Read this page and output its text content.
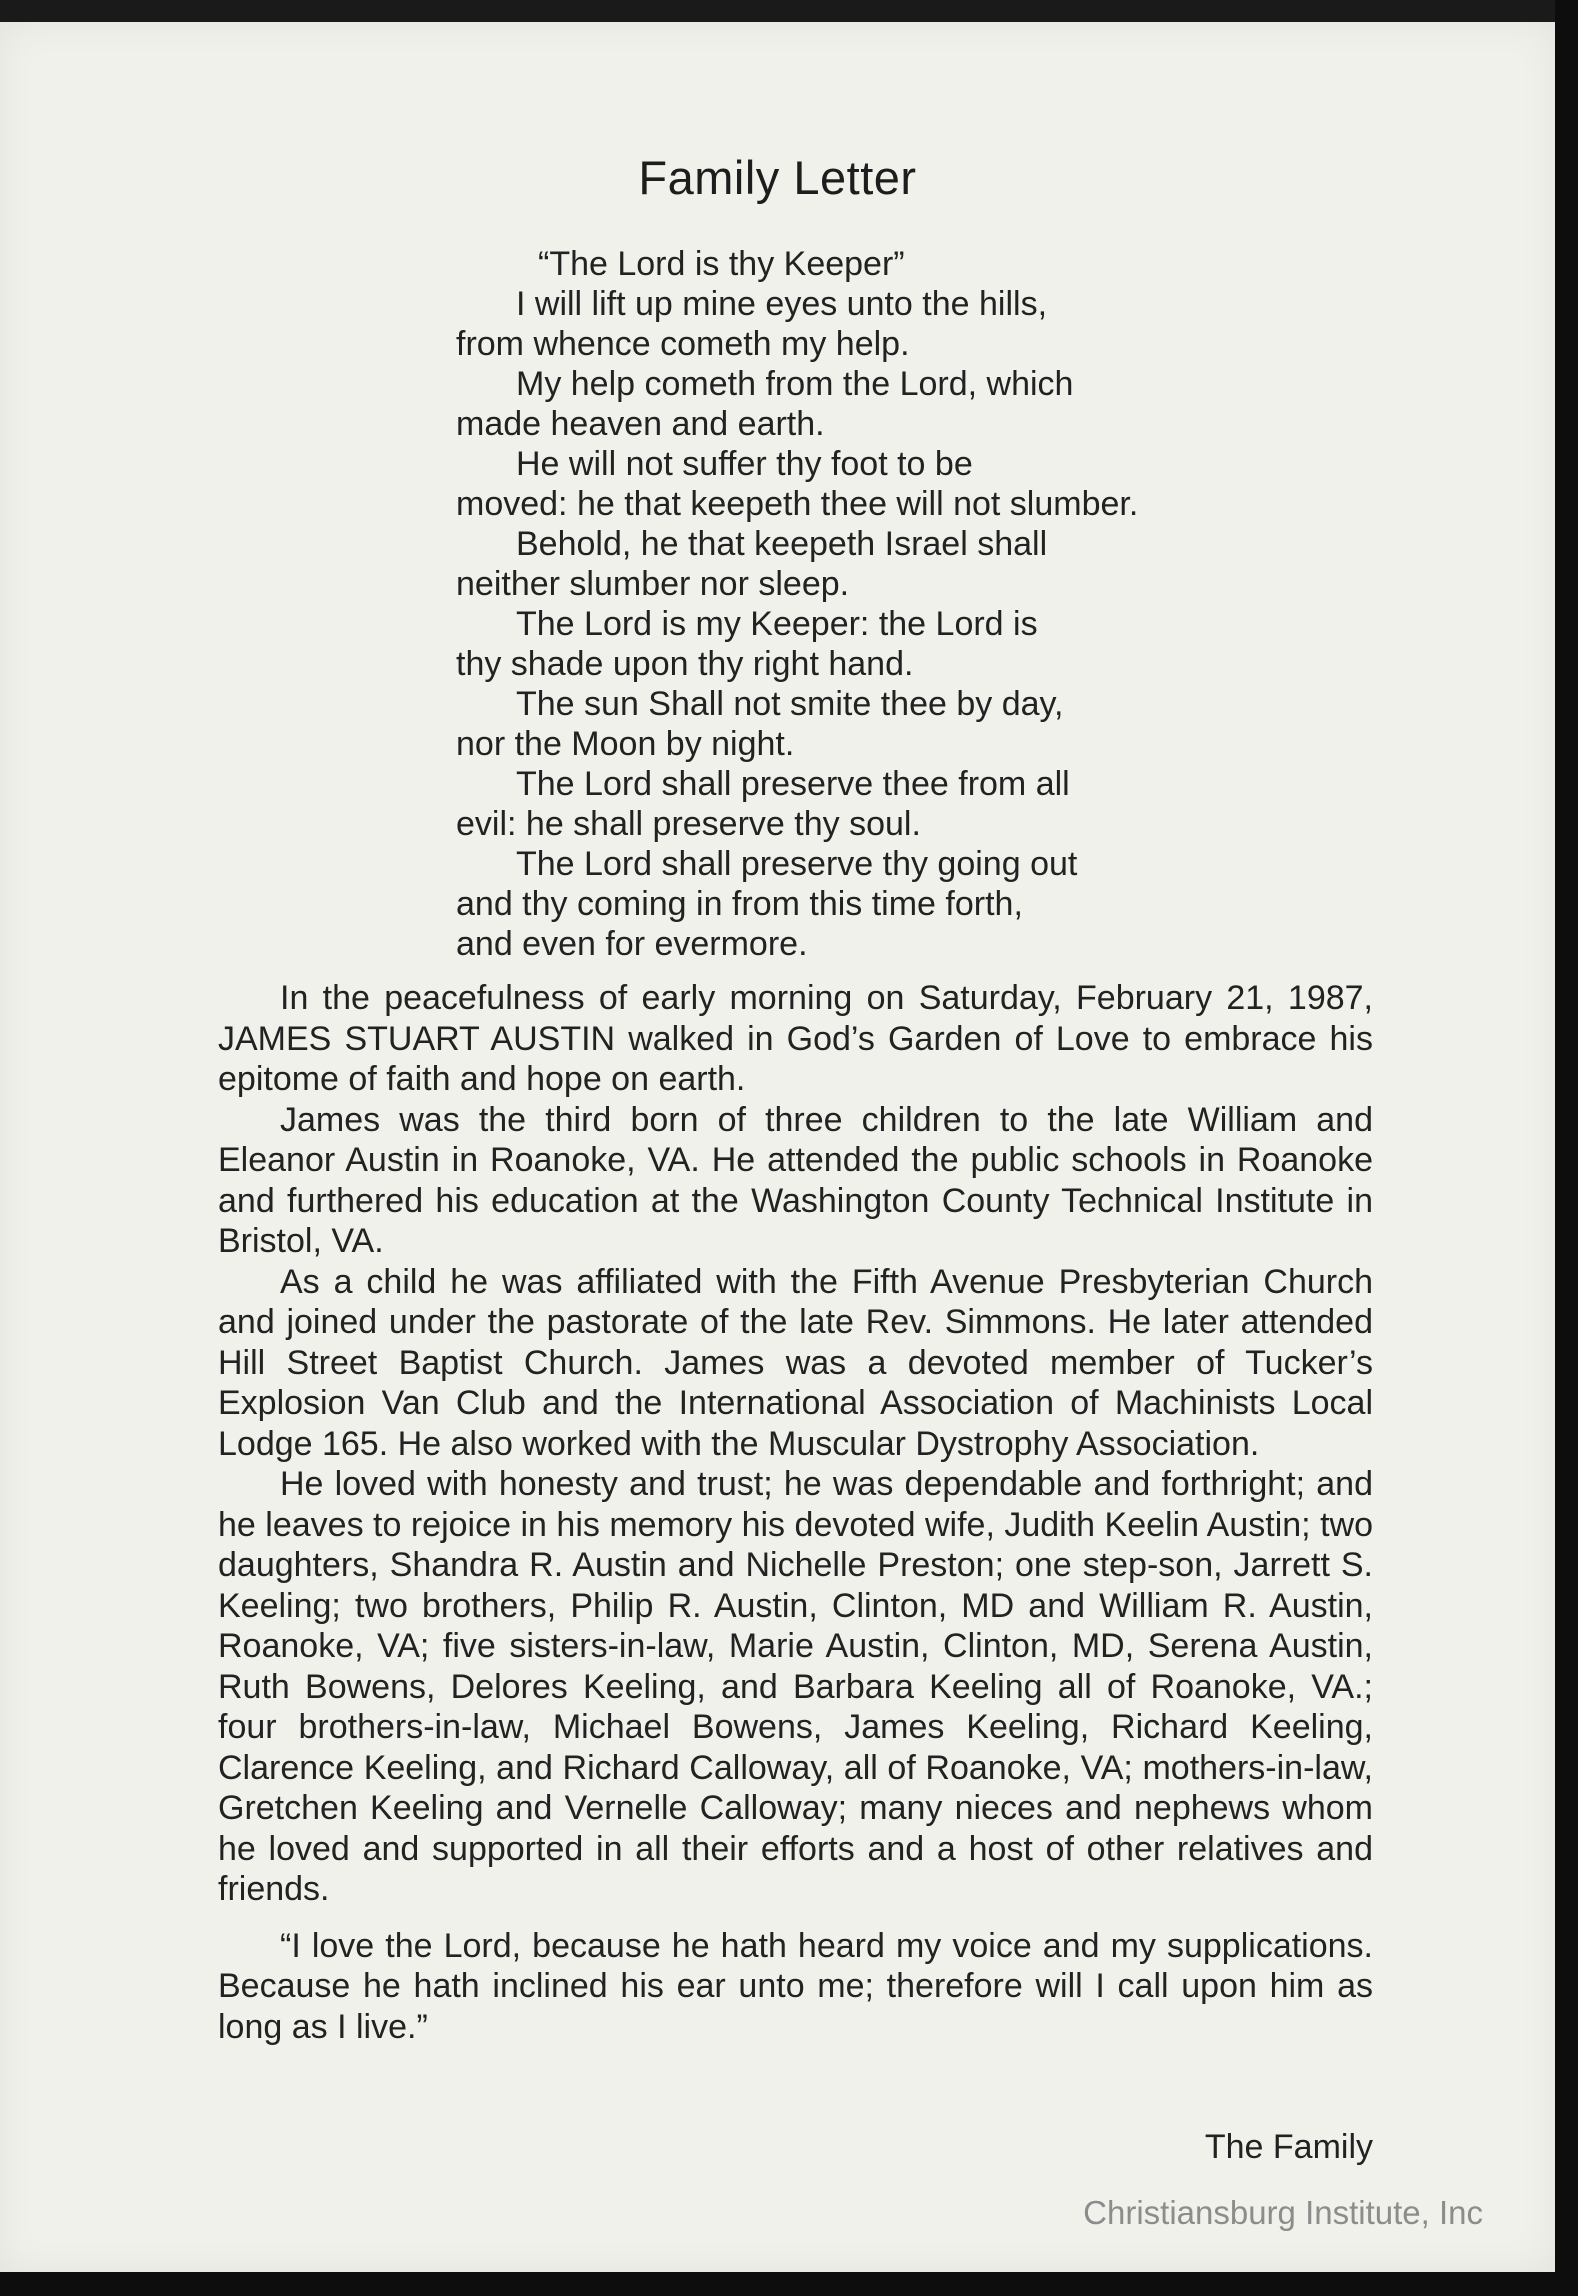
Family Letter
“The Lord is thy Keeper”
I will lift up mine eyes unto the hills,
from whence cometh my help.
My help cometh from the Lord, which
made heaven and earth.
He will not suffer thy foot to be
moved: he that keepeth thee will not slumber.
Behold, he that keepeth Israel shall
neither slumber nor sleep.
The Lord is my Keeper: the Lord is
thy shade upon thy right hand.
The sun Shall not smite thee by day,
nor the Moon by night.
The Lord shall preserve thee from all
evil: he shall preserve thy soul.
The Lord shall preserve thy going out
and thy coming in from this time forth,
and even for evermore.

In the peacefulness of early morning on Saturday, February 21, 1987, JAMES STUART AUSTIN walked in God’s Garden of Love to embrace his epitome of faith and hope on earth.

James was the third born of three children to the late William and Eleanor Austin in Roanoke, VA. He attended the public schools in Roanoke and furthered his education at the Washington County Technical Institute in Bristol, VA.

As a child he was affiliated with the Fifth Avenue Presbyterian Church and joined under the pastorate of the late Rev. Simmons. He later attended Hill Street Baptist Church. James was a devoted member of Tucker’s Explosion Van Club and the International Association of Machinists Local Lodge 165. He also worked with the Muscular Dystrophy Association.

He loved with honesty and trust; he was dependable and forthright; and he leaves to rejoice in his memory his devoted wife, Judith Keelin Austin; two daughters, Shandra R. Austin and Nichelle Preston; one step-son, Jarrett S. Keeling; two brothers, Philip R. Austin, Clinton, MD and William R. Austin, Roanoke, VA; five sisters-in-law, Marie Austin, Clinton, MD, Serena Austin, Ruth Bowens, Delores Keeling, and Barbara Keeling all of Roanoke, VA.; four brothers-in-law, Michael Bowens, James Keeling, Richard Keeling, Clarence Keeling, and Richard Calloway, all of Roanoke, VA; mothers-in-law, Gretchen Keeling and Vernelle Calloway; many nieces and nephews whom he loved and supported in all their efforts and a host of other relatives and friends.

“I love the Lord, because he hath heard my voice and my supplications. Because he hath inclined his ear unto me; therefore will I call upon him as long as I live.”

The Family
Christiansburg Institute, Inc
